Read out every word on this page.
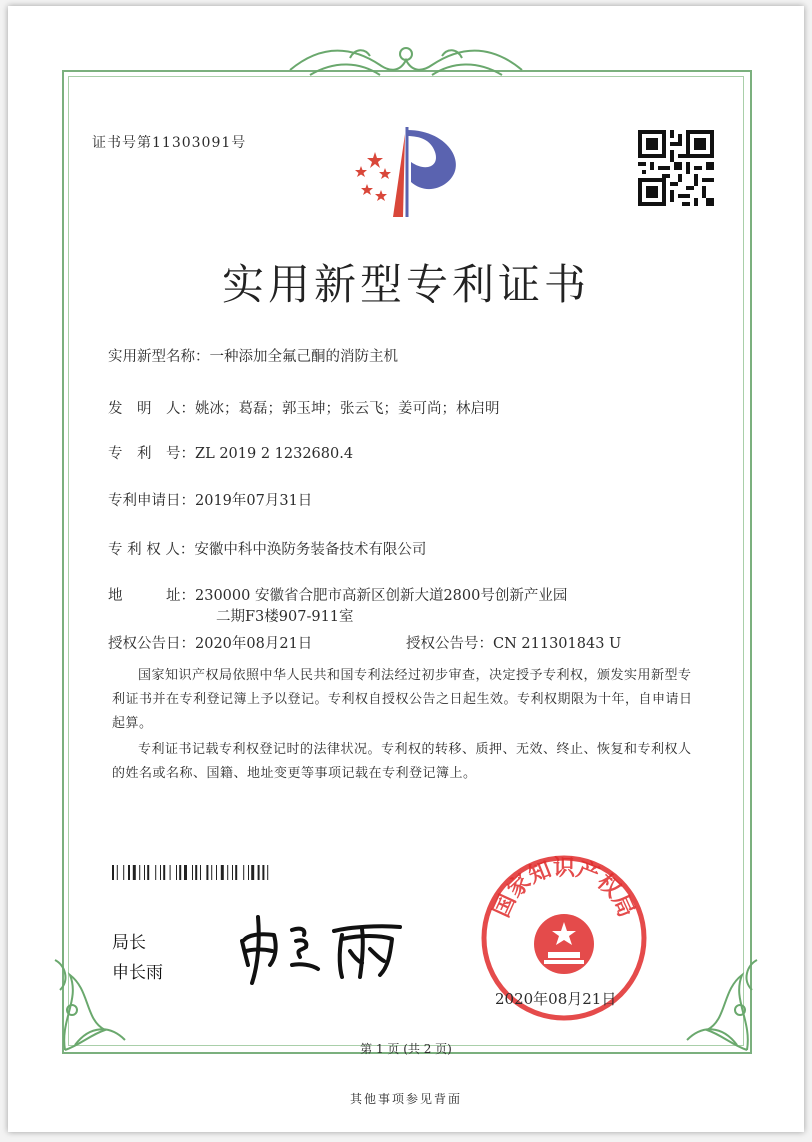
证书号第11303091号
实用新型专利证书
实用新型名称：一种添加全氟己酮的消防主机
发　明　人：姚冰；葛磊；郭玉坤；张云飞；姜可尚；林启明
专　利　号：ZL 2019 2 1232680.4
专利申请日：2019年07月31日
专 利 权 人：安徽中科中涣防务装备技术有限公司
地　　　址：230000 安徽省合肥市高新区创新大道2800号创新产业园
二期F3楼907-911室
授权公告日：2020年08月21日	授权公告号：CN 211301843 U
国家知识产权局依照中华人民共和国专利法经过初步审查，决定授予专利权，颁发实用新型专利证书并在专利登记簿上予以登记。专利权自授权公告之日起生效。专利权期限为十年，自申请日起算。
专利证书记载专利权登记时的法律状况。专利权的转移、质押、无效、终止、恢复和专利权人的姓名或名称、国籍、地址变更等事项记载在专利登记簿上。
局长
申长雨
国家知识产权局
2020年08月21日
第 1 页 (共 2 页)
其他事项参见背面
